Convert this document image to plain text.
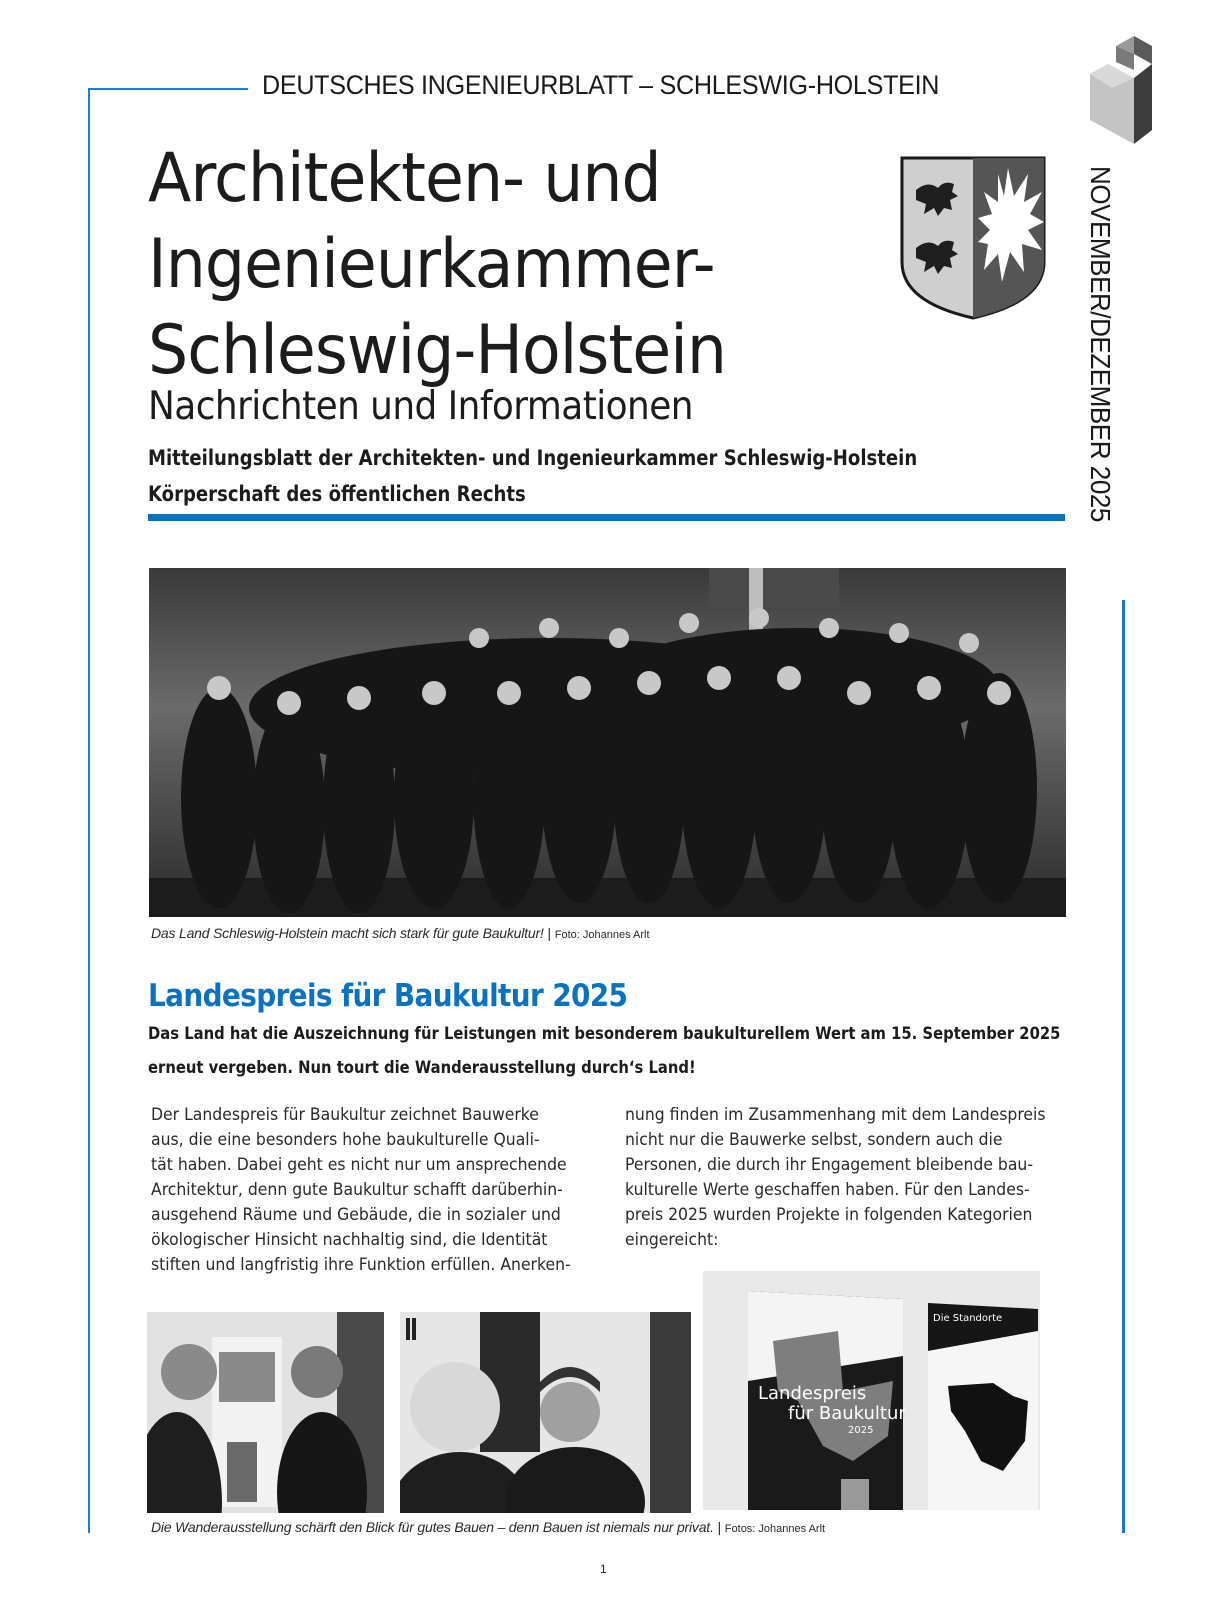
DEUTSCHES INGENIEURBLATT – SCHLESWIG-HOLSTEIN
NOVEMBER/DEZEMBER 2025
Architekten- und
Ingenieurkammer-
Schleswig-Holstein
Nachrichten und Informationen
Mitteilungsblatt der Architekten- und Ingenieurkammer Schleswig-Holstein
Körperschaft des öffentlichen Rechts
Das Land Schleswig-Holstein macht sich stark für gute Baukultur! | Foto: Johannes Arlt
Landespreis für Baukultur 2025
Das Land hat die Auszeichnung für Leistungen mit besonderem baukulturellem Wert am 15. September 2025
erneut vergeben. Nun tourt die Wanderausstellung durch‘s Land!
Der Landespreis für Baukultur zeichnet Bauwerke
aus, die eine besonders hohe baukulturelle Quali-
tät haben. Dabei geht es nicht nur um ansprechende
Architektur, denn gute Baukultur schafft darüberhin-
ausgehend Räume und Gebäude, die in sozialer und
ökologischer Hinsicht nachhaltig sind, die Identität
stiften und langfristig ihre Funktion erfüllen. Anerken-
nung finden im Zusammenhang mit dem Landespreis
nicht nur die Bauwerke selbst, sondern auch die
Personen, die durch ihr Engagement bleibende bau-
kulturelle Werte geschaffen haben. Für den Landes-
preis 2025 wurden Projekte in folgenden Kategorien
eingereicht:
Landespreis
für Baukultur
2025
Die Standorte
Die Wanderausstellung schärft den Blick für gutes Bauen – denn Bauen ist niemals nur privat. | Fotos: Johannes Arlt
1
